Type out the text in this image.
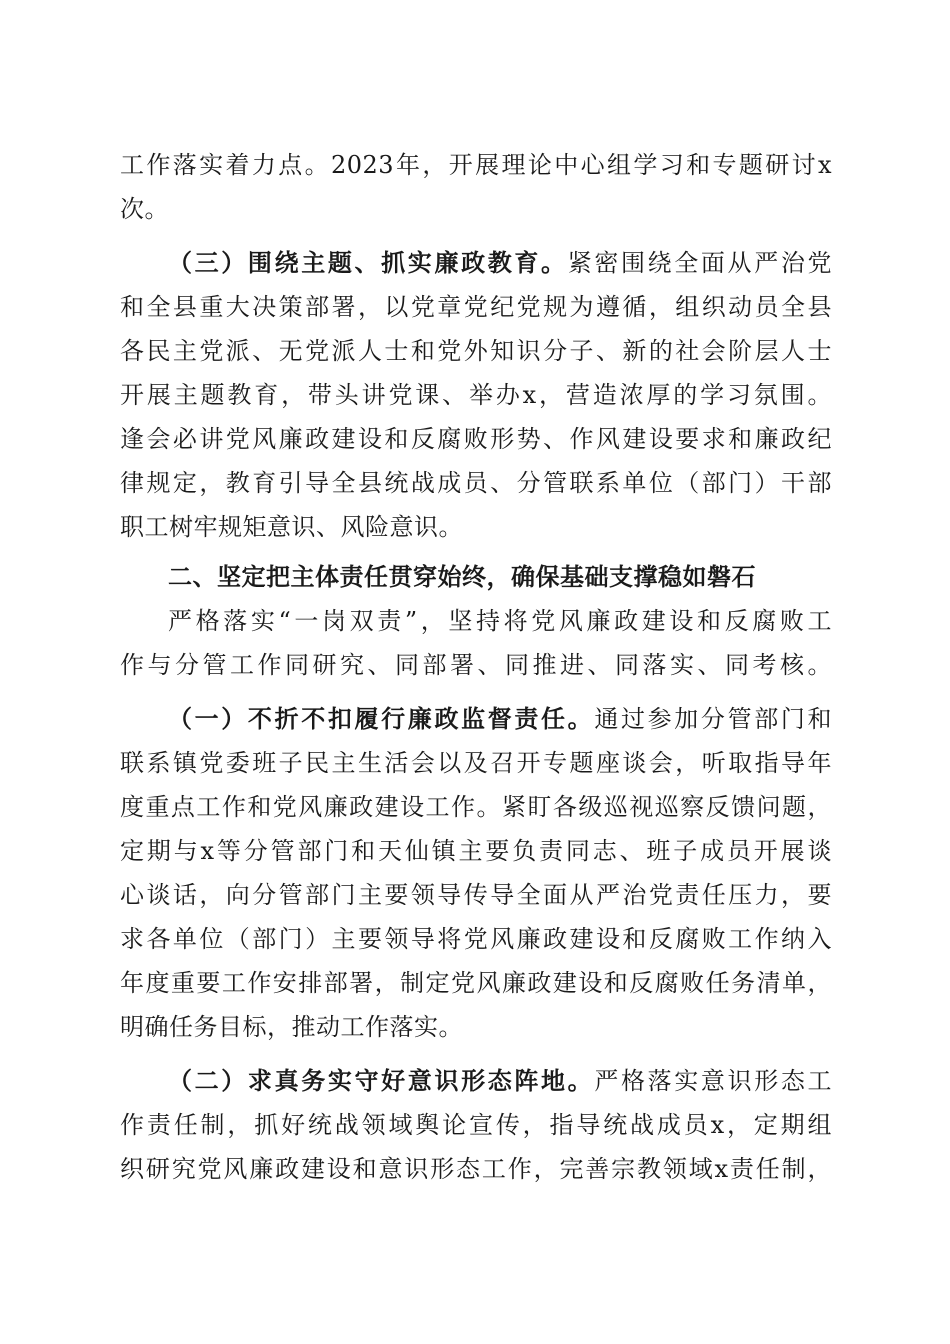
工作落实着力点。2023年，开展理论中心组学习和专题研讨x
次。
（三）围绕主题、抓实廉政教育。紧密围绕全面从严治党
和全县重大决策部署，以党章党纪党规为遵循，组织动员全县
各民主党派、无党派人士和党外知识分子、新的社会阶层人士
开展主题教育，带头讲党课、举办x，营造浓厚的学习氛围。
逢会必讲党风廉政建设和反腐败形势、作风建设要求和廉政纪
律规定，教育引导全县统战成员、分管联系单位（部门）干部
职工树牢规矩意识、风险意识。
二、坚定把主体责任贯穿始终，确保基础支撑稳如磐石
严格落实“一岗双责”，坚持将党风廉政建设和反腐败工
作与分管工作同研究、同部署、同推进、同落实、同考核。
（一）不折不扣履行廉政监督责任。通过参加分管部门和
联系镇党委班子民主生活会以及召开专题座谈会，听取指导年
度重点工作和党风廉政建设工作。紧盯各级巡视巡察反馈问题，
定期与x等分管部门和天仙镇主要负责同志、班子成员开展谈
心谈话，向分管部门主要领导传导全面从严治党责任压力，要
求各单位（部门）主要领导将党风廉政建设和反腐败工作纳入
年度重要工作安排部署，制定党风廉政建设和反腐败任务清单，
明确任务目标，推动工作落实。
（二）求真务实守好意识形态阵地。严格落实意识形态工
作责任制，抓好统战领域舆论宣传，指导统战成员x，定期组
织研究党风廉政建设和意识形态工作，完善宗教领域x责任制，
